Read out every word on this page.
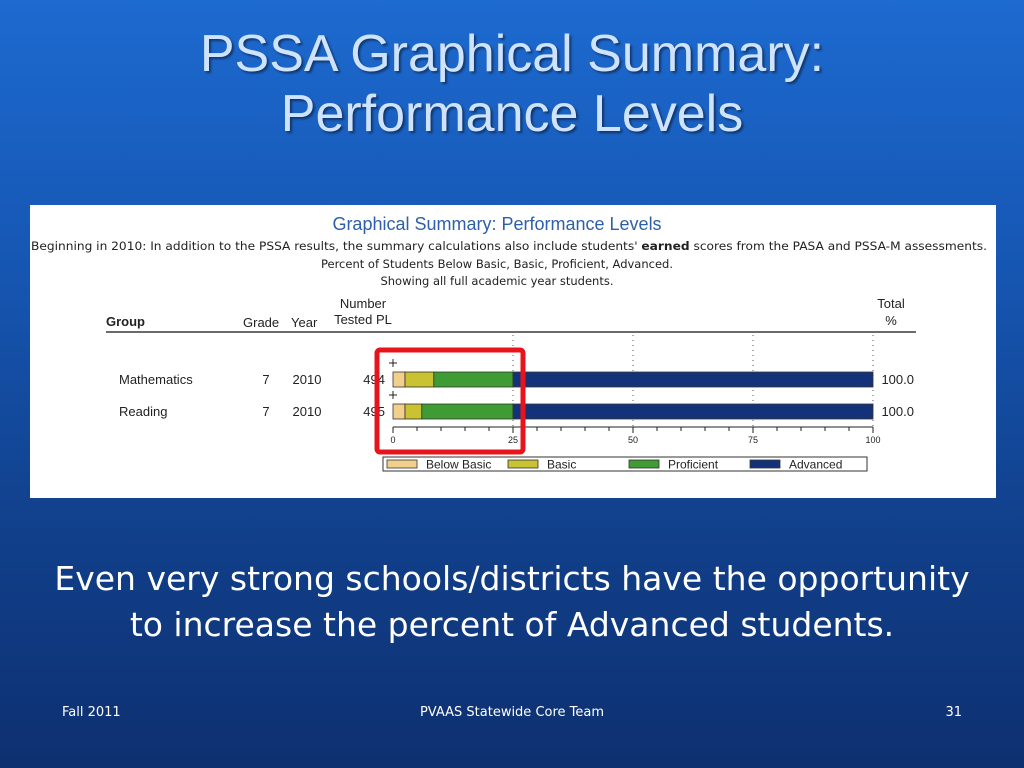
PSSA Graphical Summary:
Performance Levels
Graphical Summary: Performance Levels
Beginning in 2010: In addition to the PSSA results, the summary calculations also include students'	earned scores from the PASA and PSSA-M assessments.
Percent of Students Below Basic, Basic, Proficient, Advanced.
Showing all full academic year students.
Group	Grade Year
Number
Tested PL
Total
%
Mathematics	7 2010	494	100.0
Reading	7 2010	495	100.0
0	25	50	75	100
Below Basic	Basic	Proficient	Advanced
Even very strong schools/districts have the opportunity to increase the percent of Advanced students.
Fall 2011	PVAAS Statewide Core Team	31
